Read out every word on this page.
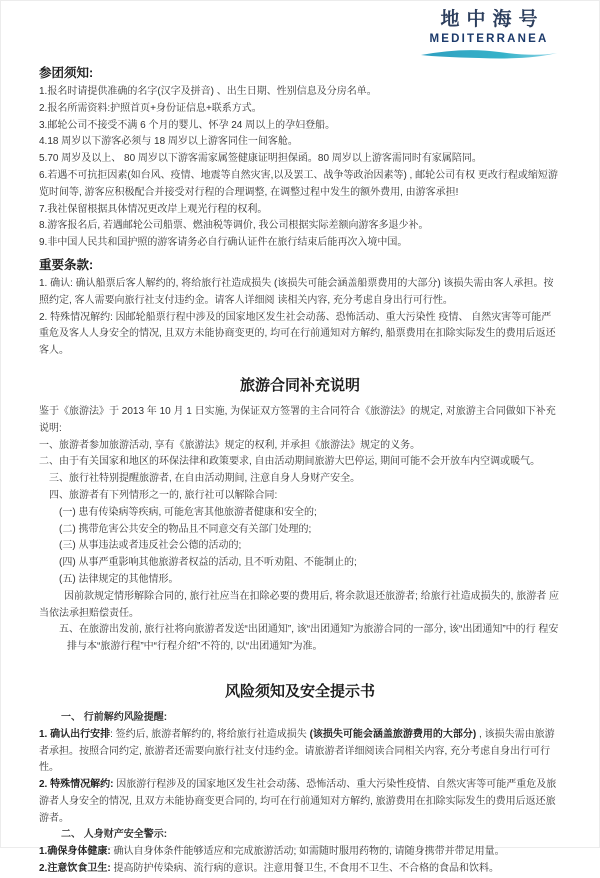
地中海号
MEDITERRANEA
参团须知:

1.报名时请提供准确的名字(汉字及拼音) 、出生日期、性别信息及分房名单。

2.报名所需资料:护照首页+身份证信息+联系方式。

3.邮轮公司不接受不满 6 个月的婴儿、怀孕 24 周以上的孕妇登船。

4.18 周岁以下游客必须与 18 周岁以上游客同住一间客舱。

5.70 周岁及以上、 80 周岁以下游客需家属签健康证明担保函。80 周岁以上游客需同时有家属陪同。

6.若遇不可抗拒因素(如台风、疫情、地震等自然灾害,以及罢工、战争等政治因素等) , 邮轮公司有权 更改行程或缩短游览时间等, 游客应积极配合并接受对行程的合理调整, 在调整过程中发生的额外费用, 由游客承担!

7.我社保留根据具体情况更改岸上观光行程的权利。

8.游客报名后, 若遇邮轮公司船票、燃油税等调价, 我公司根据实际差额向游客多退少补。

9.非中国人民共和国护照的游客请务必自行确认证件在旅行结束后能再次入境中国。

重要条款:

1. 确认: 确认船票后客人解约的, 将给旅行社造成损失 (该损失可能会涵盖船票费用的大部分) 该损失需由客人承担。按照约定, 客人需要向旅行社支付违约金。请客人详细阅 读相关内容, 充分考虑自身出行可行性。

2. 特殊情况解约: 因邮轮船票行程中涉及的国家地区发生社会动荡、恐怖活动、重大污染性 疫情、 自然灾害等可能严重危及客人人身安全的情况, 且双方未能协商变更的, 均可在行前通知对方解约, 船票费用在扣除实际发生的费用后返还客人。

旅游合同补充说明

鉴于《旅游法》于 2013 年 10 月 1 日实施, 为保证双方签署的主合同符合《旅游法》的规定, 对旅游主合同做如下补充说明:

一、旅游者参加旅游活动, 享有《旅游法》规定的权利, 并承担《旅游法》规定的义务。

二、由于有关国家和地区的环保法律和政策要求, 自由活动期间旅游大巴停运, 期间可能不会开放车内空调或暖气。

三、旅行社特别提醒旅游者, 在自由活动期间, 注意自身人身财产安全。

四、旅游者有下列情形之一的, 旅行社可以解除合同:

(一) 患有传染病等疾病, 可能危害其他旅游者健康和安全的;

(二) 携带危害公共安全的物品且不同意交有关部门处理的;

(三) 从事违法或者违反社会公德的活动的;

(四) 从事严重影响其他旅游者权益的活动, 且不听劝阻、不能制止的;

(五) 法律规定的其他情形。

因前款规定情形解除合同的, 旅行社应当在扣除必要的费用后, 将余款退还旅游者; 给旅行社造成损失的, 旅游者 应当依法承担赔偿责任。

五、在旅游出发前, 旅行社将向旅游者发送“出团通知”, 该“出团通知”为旅游合同的一部分, 该“出团通知”中的行 程安排与本“旅游行程”中“行程介绍”不符的, 以“出团通知”为准。

风险须知及安全提示书

一、 行前解约风险提醒:

1. 确认出行安排: 签约后, 旅游者解约的, 将给旅行社造成损失 (该损失可能会涵盖旅游费用的大部分) , 该损失需由旅游者承担。按照合同约定, 旅游者还需要向旅行社支付违约金。请旅游者详细阅读合同相关内容, 充分考虑自身出行可行性。

2. 特殊情况解约: 因旅游行程涉及的国家地区发生社会动荡、恐怖活动、重大污染性疫情、自然灾害等可能严重危及旅游者人身安全的情况, 且双方未能协商变更合同的, 均可在行前通知对方解约, 旅游费用在扣除实际发生的费用后返还旅游者。

二、 人身财产安全警示:

1.确保身体健康: 确认自身体条件能够适应和完成旅游活动; 如需随时服用药物的, 请随身携带并带足用量。

2.注意饮食卫生: 提高防护传染病、流行病的意识。注意用餐卫生, 不食用不卫生、不合格的食品和饮料。
